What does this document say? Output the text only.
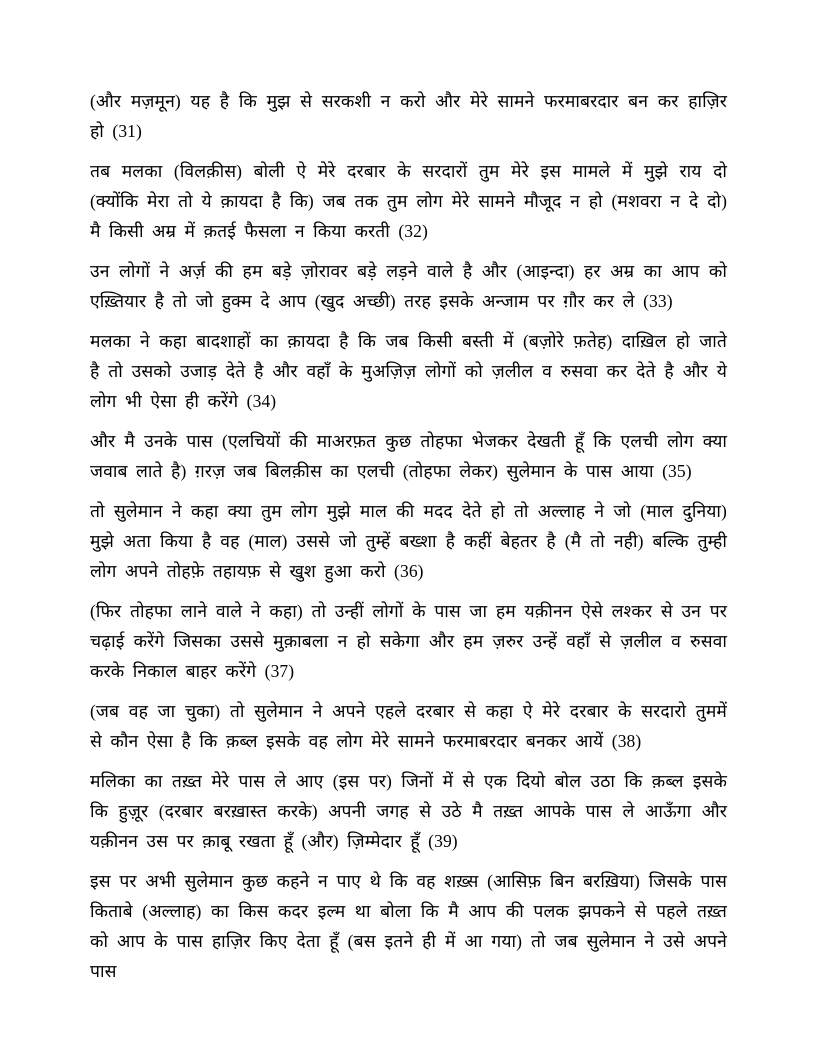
(और मज़मून) यह है कि मुझ से सरकशी न करो और मेरे सामने फरमाबरदार बन कर हाज़िर हो (31)

तब मलका (विलक़ीस) बोली ऐ मेरे दरबार के सरदारों तुम मेरे इस मामले में मुझे राय दो (क्योंकि मेरा तो ये क़ायदा है कि) जब तक तुम लोग मेरे सामने मौजूद न हो (मशवरा न दे दो) मै किसी अम्र में क़तई फैसला न किया करती (32)

उन लोगों ने अर्ज़ की हम बड़े ज़ोरावर बड़े लड़ने वाले है और (आइन्दा) हर अम्र का आप को एख़्तियार है तो जो हुक्म दे आप (खुद अच्छी) तरह इसके अन्जाम पर ग़ौर कर ले (33)

मलका ने कहा बादशाहों का क़ायदा है कि जब किसी बस्ती में (बज़ोरे फ़तेह) दाख़िल हो जाते है तो उसको उजाड़ देते है और वहाँ के मुअज़िज़ लोगों को ज़लील व रुसवा कर देते है और ये लोग भी ऐसा ही करेंगे (34)

और मै उनके पास (एलचियों की माअरफ़त कुछ तोहफा भेजकर देखती हूँ कि एलची लोग क्या जवाब लाते है) ग़रज़ जब बिलक़ीस का एलची (तोहफा लेकर) सुलेमान के पास आया (35)

तो सुलेमान ने कहा क्या तुम लोग मुझे माल की मदद देते हो तो अल्लाह ने जो (माल दुनिया) मुझे अता किया है वह (माल) उससे जो तुम्हें बख्शा है कहीं बेहतर है (मै तो नही) बल्कि तुम्ही लोग अपने तोहफ़े तहायफ़ से खुश हुआ करो (36)

(फिर तोहफा लाने वाले ने कहा) तो उन्हीं लोगों के पास जा हम यक़ीनन ऐसे लश्कर से उन पर चढ़ाई करेंगे जिसका उससे मुक़ाबला न हो सकेगा और हम ज़रुर उन्हें वहाँ से ज़लील व रुसवा करके निकाल बाहर करेंगे (37)

(जब वह जा चुका) तो सुलेमान ने अपने एहले दरबार से कहा ऐ मेरे दरबार के सरदारो तुममें से कौन ऐसा है कि क़ब्ल इसके वह लोग मेरे सामने फरमाबरदार बनकर आयें (38)

मलिका का तख़्त मेरे पास ले आए (इस पर) जिनों में से एक दियो बोल उठा कि क़ब्ल इसके कि हुज़ूर (दरबार बरख़ास्त करके) अपनी जगह से उठे मै तख़्त आपके पास ले आऊँगा और यक़ीनन उस पर क़ाबू रखता हूँ (और) ज़िम्मेदार हूँ (39)

इस पर अभी सुलेमान कुछ कहने न पाए थे कि वह शख़्स (आसिफ़ बिन बरख़िया) जिसके पास किताबे (अल्लाह) का किस कदर इल्म था बोला कि मै आप की पलक झपकने से पहले तख़्त को आप के पास हाज़िर किए देता हूँ (बस इतने ही में आ गया) तो जब सुलेमान ने उसे अपने पास
